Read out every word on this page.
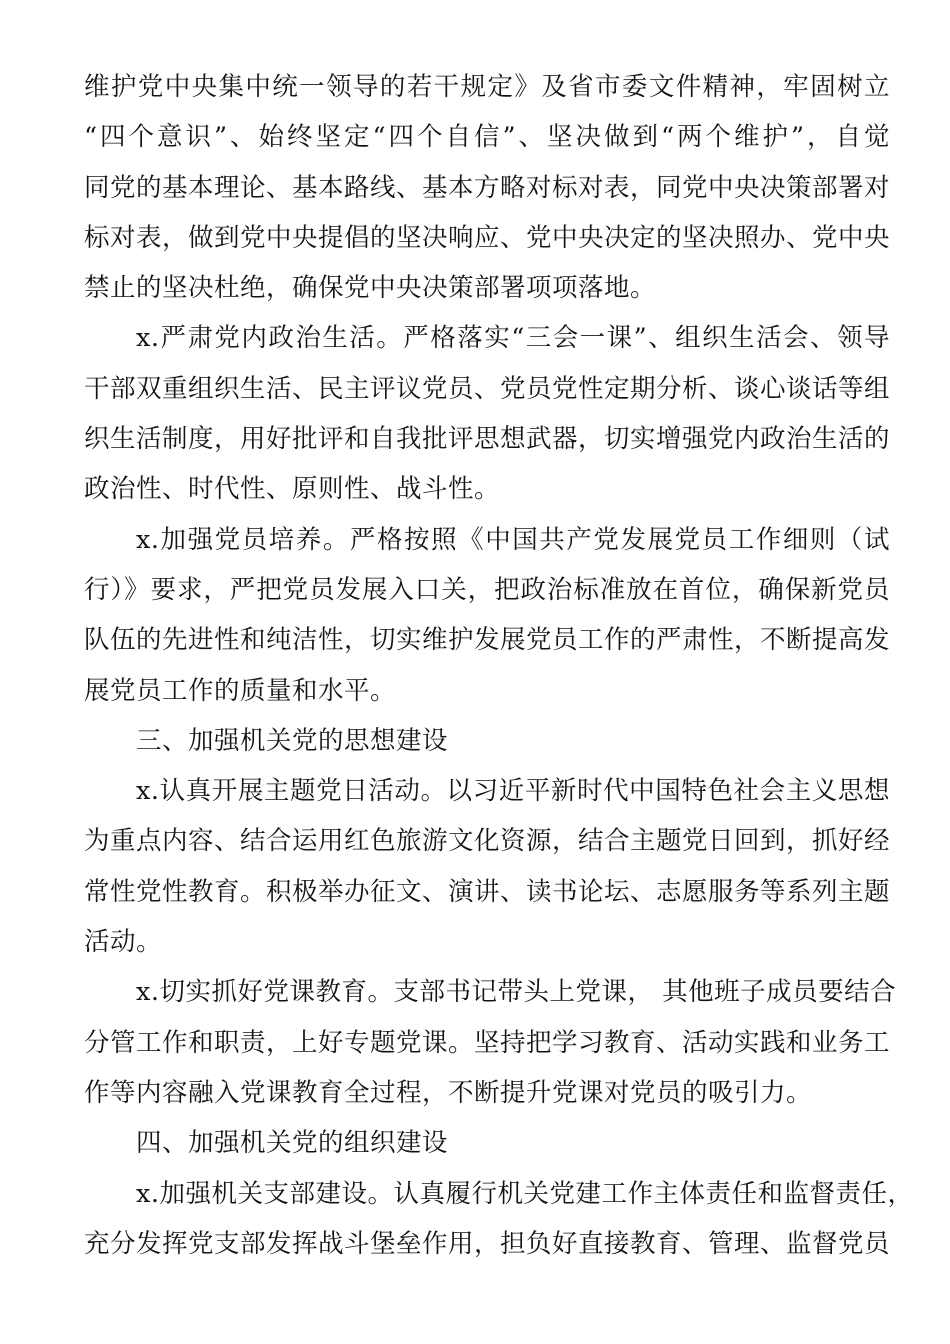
维护党中央集中统一领导的若干规定》及省市委文件精神，牢固树立
“四个意识”、始终坚定“四个自信”、坚决做到“两个维护”，自觉
同党的基本理论、基本路线、基本方略对标对表，同党中央决策部署对
标对表，做到党中央提倡的坚决响应、党中央决定的坚决照办、党中央
禁止的坚决杜绝，确保党中央决策部署项项落地。
x.严肃党内政治生活。严格落实“三会一课”、组织生活会、领导
干部双重组织生活、民主评议党员、党员党性定期分析、谈心谈话等组
织生活制度，用好批评和自我批评思想武器，切实增强党内政治生活的
政治性、时代性、原则性、战斗性。
x.加强党员培养。严格按照《中国共产党发展党员工作细则（试
行）》要求，严把党员发展入口关，把政治标准放在首位，确保新党员
队伍的先进性和纯洁性，切实维护发展党员工作的严肃性，不断提高发
展党员工作的质量和水平。
三、加强机关党的思想建设
x.认真开展主题党日活动。以习近平新时代中国特色社会主义思想
为重点内容、结合运用红色旅游文化资源，结合主题党日回到，抓好经
常性党性教育。积极举办征文、演讲、读书论坛、志愿服务等系列主题
活动。
x.切实抓好党课教育。支部书记带头上党课， 其他班子成员要结合
分管工作和职责，上好专题党课。坚持把学习教育、活动实践和业务工
作等内容融入党课教育全过程，不断提升党课对党员的吸引力。
四、加强机关党的组织建设
x.加强机关支部建设。认真履行机关党建工作主体责任和监督责任，
充分发挥党支部发挥战斗堡垒作用，担负好直接教育、管理、监督党员
